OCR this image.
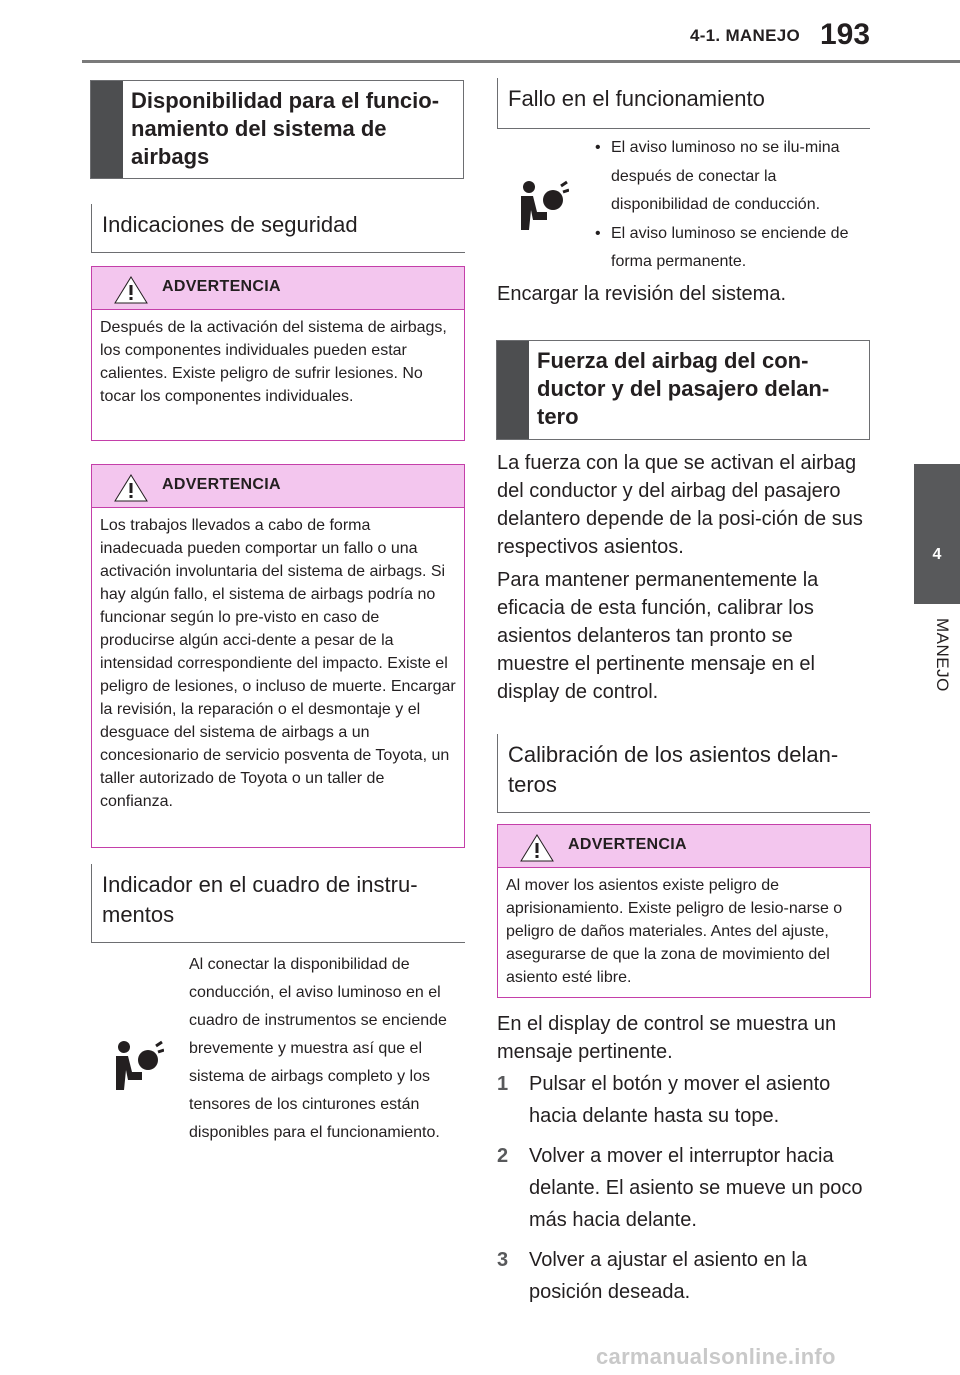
4-1. MANEJO 193
4
MANEJO
Disponibilidad para el funcio-namiento del sistema de airbags
Indicaciones de seguridad
ADVERTENCIA
Después de la activación del sistema de airbags, los componentes individuales pueden estar calientes. Existe peligro de sufrir lesiones. No tocar los componentes individuales.
ADVERTENCIA
Los trabajos llevados a cabo de forma inadecuada pueden comportar un fallo o una activación involuntaria del sistema de airbags. Si hay algún fallo, el sistema de airbags podría no funcionar según lo pre-visto en caso de producirse algún acci-dente a pesar de la intensidad correspondiente del impacto. Existe el peligro de lesiones, o incluso de muerte. Encargar la revisión, la reparación o el desmontaje y el desguace del sistema de airbags a un concesionario de servicio posventa de Toyota, un taller autorizado de Toyota o un taller de confianza.
Indicador en el cuadro de instru-mentos
Al conectar la disponibilidad de conducción, el aviso luminoso en el cuadro de instrumentos se enciende brevemente y muestra así que el sistema de airbags completo y los tensores de los cinturones están disponibles para el funcionamiento.
Fallo en el funcionamiento
• El aviso luminoso no se ilu-mina después de conectar la disponibilidad de conducción.
• El aviso luminoso se enciende de forma permanente.
Encargar la revisión del sistema.
Fuerza del airbag del con-ductor y del pasajero delan-tero
La fuerza con la que se activan el airbag del conductor y del airbag del pasajero delantero depende de la posi-ción de sus respectivos asientos.
Para mantener permanentemente la eficacia de esta función, calibrar los asientos delanteros tan pronto se muestre el pertinente mensaje en el display de control.
Calibración de los asientos delan-teros
ADVERTENCIA
Al mover los asientos existe peligro de aprisionamiento. Existe peligro de lesio-narse o peligro de daños materiales. Antes del ajuste, asegurarse de que la zona de movimiento del asiento esté libre.
En el display de control se muestra un mensaje pertinente.
1	Pulsar el botón y mover el asiento hacia delante hasta su tope.
2	Volver a mover el interruptor hacia delante. El asiento se mueve un poco más hacia delante.
3	Volver a ajustar el asiento en la posición deseada.
carmanualsonline.info
